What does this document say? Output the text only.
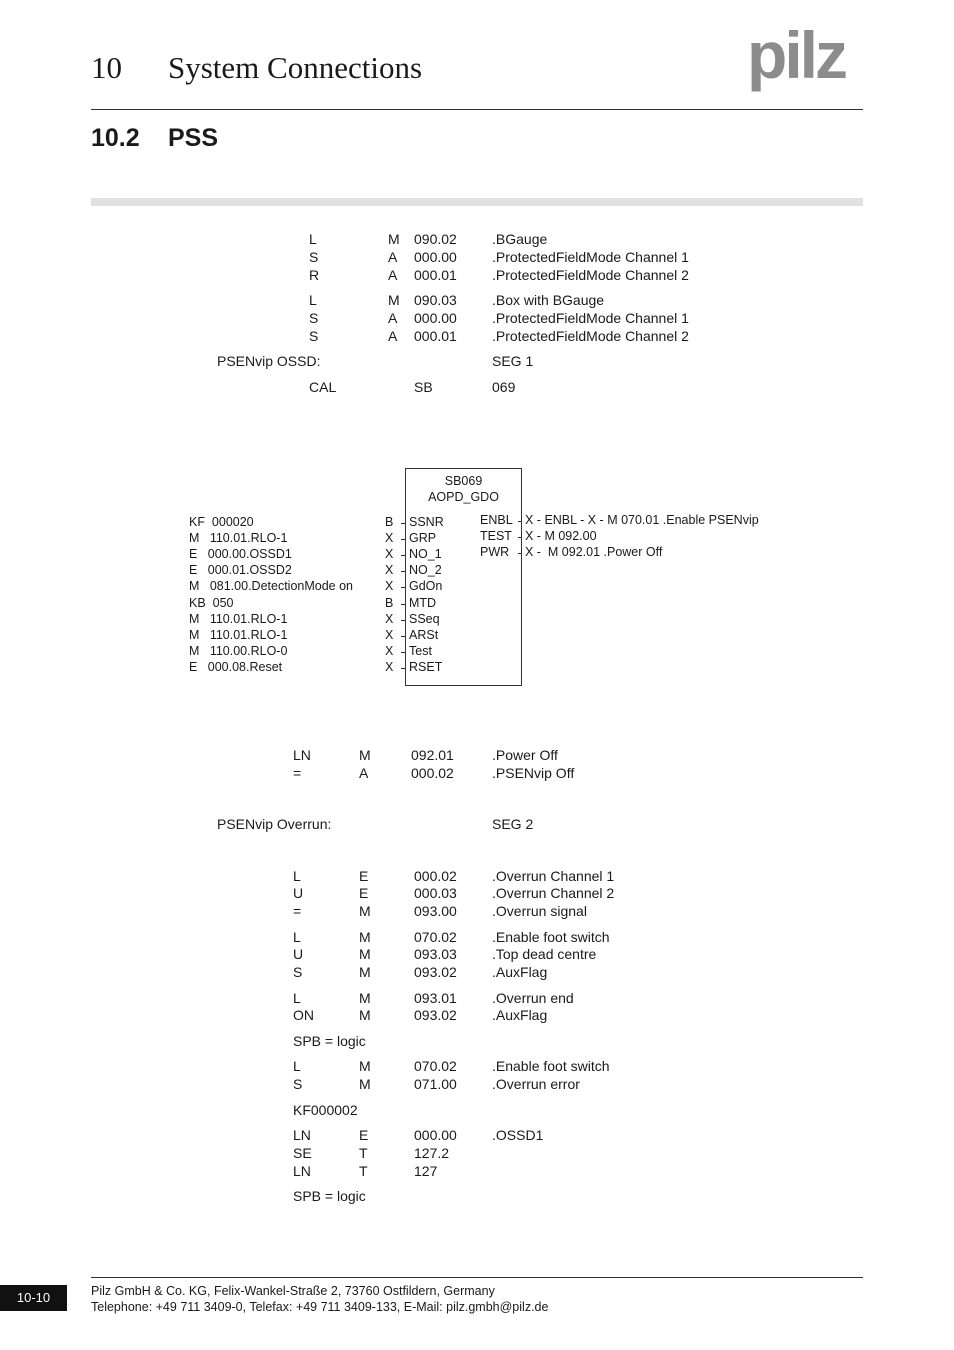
10 System Connections	pilz
10.2 PSS
L	M 090.02	.BGauge
S	A 000.00	.ProtectedFieldMode Channel 1
R	A 000.01	.ProtectedFieldMode Channel 2
L	M 090.03	.Box with BGauge
S	A 000.00	.ProtectedFieldMode Channel 1
S	A 000.01	.ProtectedFieldMode Channel 2
PSENvip OSSD:	SEG 1
CAL	SB	069
SB069
AOPD_GDO
KF  000020	B SSNR
M   110.01.RLO-1	X GRP
E   000.00.OSSD1	X NO_1
E   000.01.OSSD2	X NO_2
M   081.00.DetectionMode on	X GdOn
KB  050	B MTD
M   110.01.RLO-1	X SSeq
M   110.01.RLO-1	X ARSt
M   110.00.RLO-0	X Test
E   000.08.Reset	X RSET
ENBL X - ENBL - X - M 070.01 .Enable PSENvip
TEST X - M 092.00
PWR X -  M 092.01 .Power Off
LN	M	092.01	.Power Off
=	A	000.02	.PSENvip Off
PSENvip Overrun:	SEG 2
L	E	000.02	.Overrun Channel 1
U	E	000.03	.Overrun Channel 2
=	M	093.00	.Overrun signal
L	M	070.02	.Enable foot switch
U	M	093.03	.Top dead centre
S	M	093.02	.AuxFlag
L	M	093.01	.Overrun end
ON	M	093.02	.AuxFlag
SPB = logic
L	M	070.02	.Enable foot switch
S	M	071.00	.Overrun error
KF000002
LN	E	000.00	.OSSD1
SE	T	127.2
LN	T	127
SPB = logic
10-10	Pilz GmbH & Co. KG, Felix-Wankel-Straße 2, 73760 Ostfildern, Germany
Telephone: +49 711 3409-0, Telefax: +49 711 3409-133, E-Mail: pilz.gmbh@pilz.de
